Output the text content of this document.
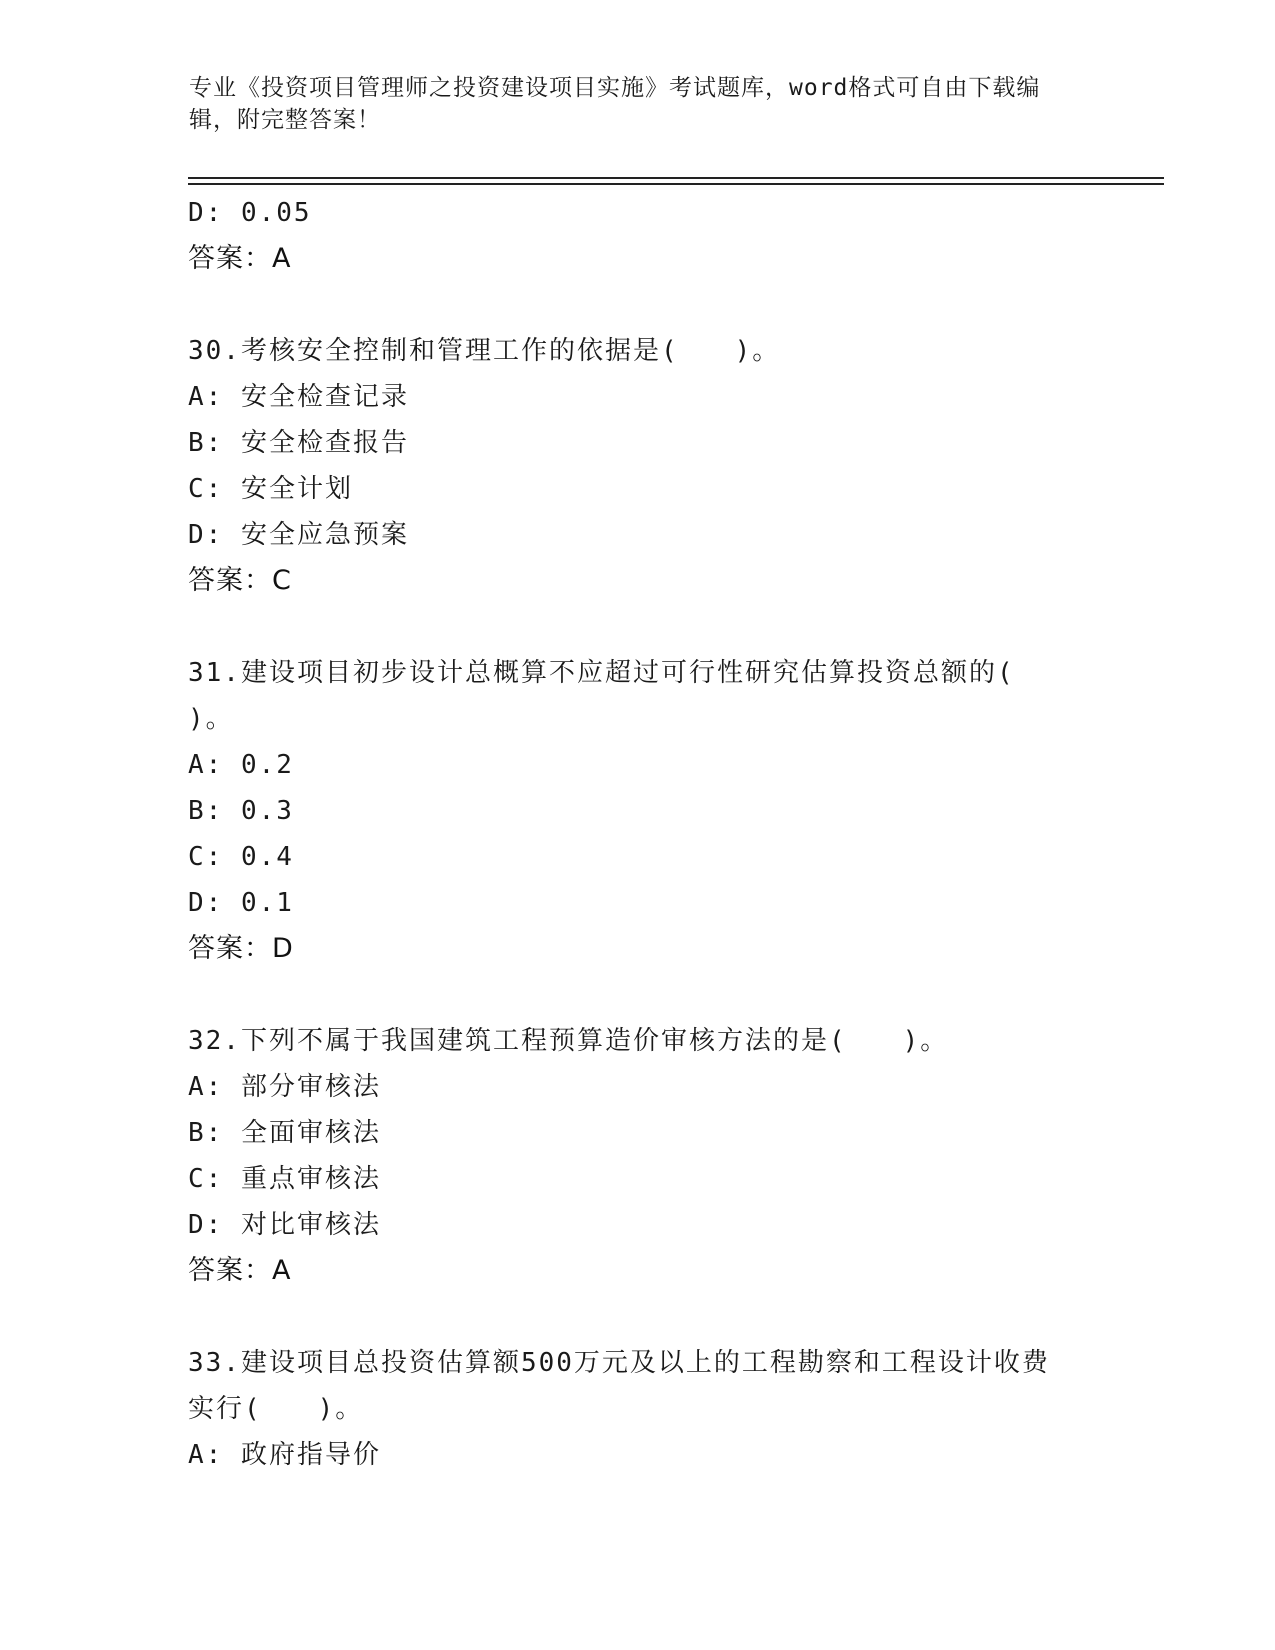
专业《投资项目管理师之投资建设项目实施》考试题库，word格式可自由下载编
辑，附完整答案！
D: 0.05
答案：A
30.考核安全控制和管理工作的依据是(　　)。
A: 安全检查记录
B: 安全检查报告
C: 安全计划
D: 安全应急预案
答案：C
31.建设项目初步设计总概算不应超过可行性研究估算投资总额的(
)。
A: 0.2
B: 0.3
C: 0.4
D: 0.1
答案：D
32.下列不属于我国建筑工程预算造价审核方法的是(　　)。
A: 部分审核法
B: 全面审核法
C: 重点审核法
D: 对比审核法
答案：A
33.建设项目总投资估算额500万元及以上的工程勘察和工程设计收费
实行(　　)。
A: 政府指导价
